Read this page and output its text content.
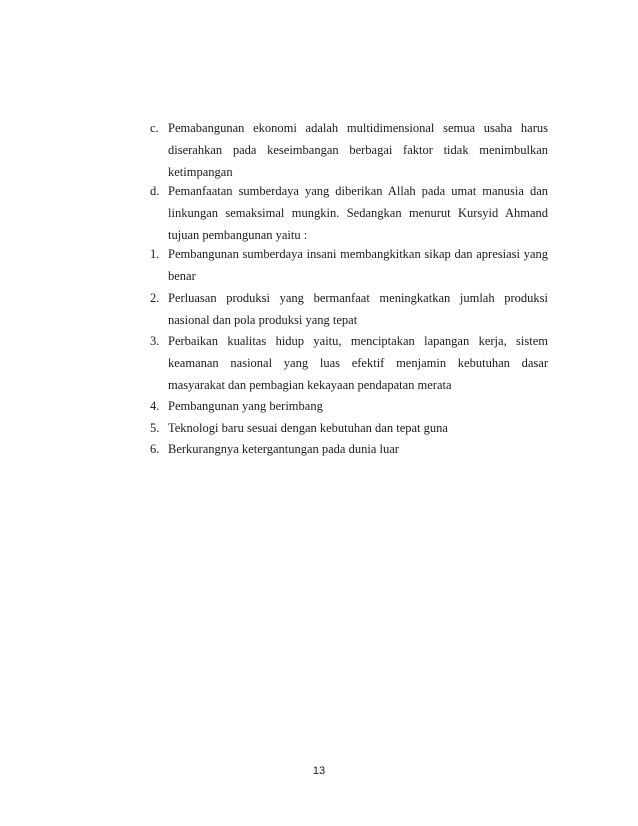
c. Pemabangunan ekonomi adalah multidimensional semua usaha harus
diserahkan pada keseimbangan berbagai faktor tidak menimbulkan
ketimpangan
d. Pemanfaatan sumberdaya yang diberikan Allah pada umat manusia dan
linkungan semaksimal mungkin. Sedangkan menurut Kursyid Ahmand
tujuan pembangunan yaitu :
1. Pembangunan sumberdaya insani membangkitkan sikap dan apresiasi yang
benar
2. Perluasan produksi yang bermanfaat meningkatkan jumlah produksi
nasional dan pola produksi yang tepat
3. Perbaikan kualitas hidup yaitu, menciptakan lapangan kerja, sistem
keamanan nasional yang luas efektif menjamin kebutuhan dasar
masyarakat dan pembagian kekayaan pendapatan merata
4. Pembangunan yang berimbang
5. Teknologi baru sesuai dengan kebutuhan dan tepat guna
6. Berkurangnya ketergantungan pada dunia luar
13
